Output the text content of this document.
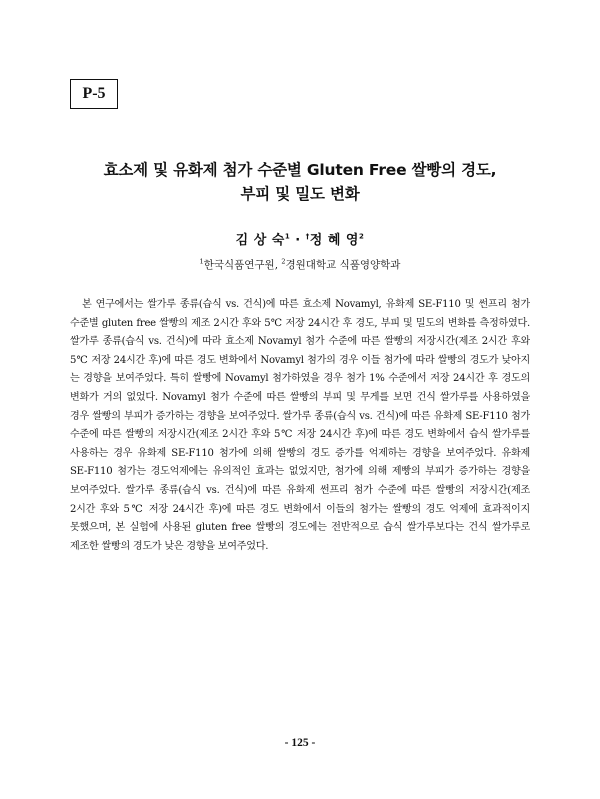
P-5
효소제 및 유화제 첨가 수준별 Gluten Free 쌀빵의 경도,
부피 및 밀도 변화
김 상 숙$^1$ · †정 혜 영$^2$
$^1$한국식품연구원, $^2$경원대학교 식품영양학과
본 연구에서는 쌀가루 종류(습식 vs. 건식)에 따른 효소제 Novamyl, 유화제 SE-F110 및 썬프리 첨가
수준별 gluten free 쌀빵의 제조 2시간 후와 5℃ 저장 24시간 후 경도, 부피 및 밀도의 변화를 측정하였다.
쌀가루 종류(습식 vs. 건식)에 따라 효소제 Novamyl 첨가 수준에 따른 쌀빵의 저장시간(제조 2시간 후와
5℃ 저장 24시간 후)에 따른 경도 변화에서 Novamyl 첨가의 경우 이들 첨가에 따라 쌀빵의 경도가 낮아지
는 경향을 보여주었다. 특히 쌀빵에 Novamyl 첨가하였을 경우 첨가 1% 수준에서 저장 24시간 후 경도의
변화가 거의 없었다. Novamyl 첨가 수준에 따른 쌀빵의 부피 및 무게를 보면 건식 쌀가루를 사용하였을
경우 쌀빵의 부피가 증가하는 경향을 보여주었다. 쌀가루 종류(습식 vs. 건식)에 따른 유화제 SE-F110 첨가
수준에 따른 쌀빵의 저장시간(제조 2시간 후와 5℃ 저장 24시간 후)에 따른 경도 변화에서 습식 쌀가루를
사용하는 경우 유화제 SE-F110 첨가에 의해 쌀빵의 경도 증가를 억제하는 경향을 보여주었다. 유화제
SE-F110 첨가는 경도억제에는 유의적인 효과는 없었지만, 첨가에 의해 제빵의 부피가 증가하는 경향을
보여주었다. 쌀가루 종류(습식 vs. 건식)에 따른 유화제 썬프리 첨가 수준에 따른 쌀빵의 저장시간(제조
2시간 후와 5℃ 저장 24시간 후)에 따른 경도 변화에서 이들의 첨가는 쌀빵의 경도 억제에 효과적이지
못했으며, 본 실험에 사용된 gluten free 쌀빵의 경도에는 전반적으로 습식 쌀가루보다는 건식 쌀가루로
제조한 쌀빵의 경도가 낮은 경향을 보여주었다.
- 125 -
